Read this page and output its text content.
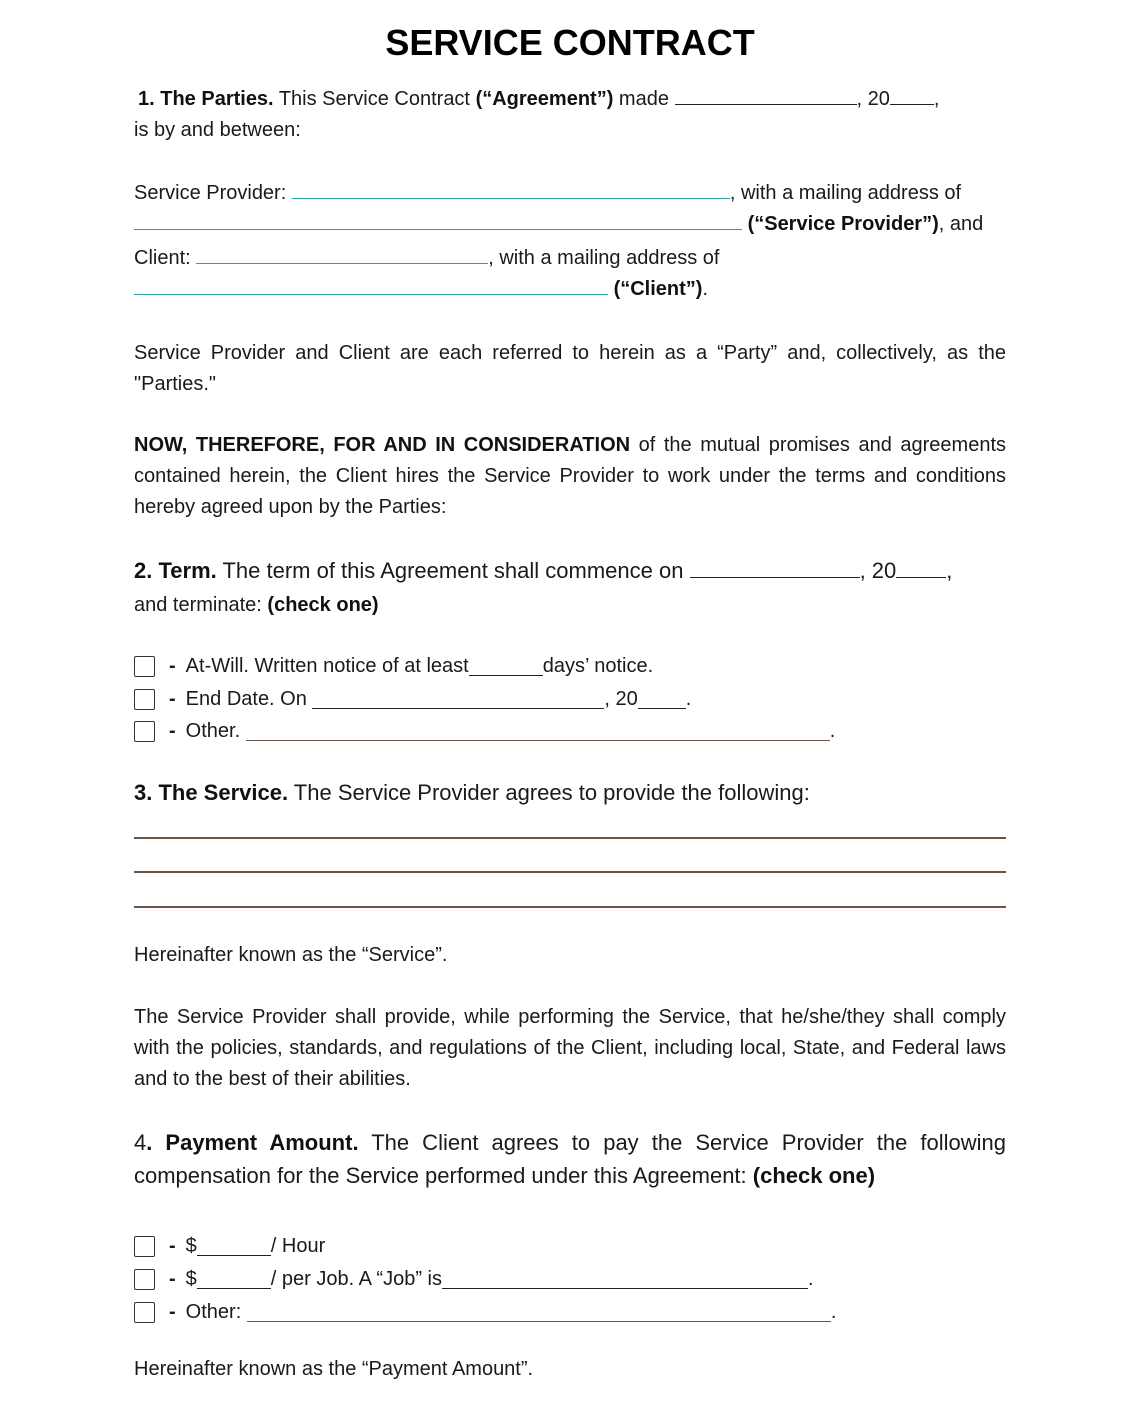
SERVICE CONTRACT
1. The Parties. This Service Contract (“Agreement”) made	, 20 ,
is by and between:
Service Provider:	, with a mailing address of
(“Service Provider”), and

Client:	, with a mailing address of
(“Client”).
Service Provider and Client are each referred to herein as a “Party” and, collectively, as the "Parties."
NOW, THEREFORE, FOR AND IN CONSIDERATION of the mutual promises and agreements contained herein, the Client hires the Service Provider to work under the terms and conditions hereby agreed upon by the Parties:
2. Term. The term of this Agreement shall commence on	, 20 ,
and terminate: (check one)
- At-Will. Written notice of at least	days’ notice.
- End Date. On
	, 20 .
- Other.
	.
3. The Service. The Service Provider agrees to provide the following:
Hereinafter known as the “Service”.
The Service Provider shall provide, while performing the Service, that he/she/they shall comply with the policies, standards, and regulations of the Client, including local, State, and Federal laws and to the best of their abilities.
4. Payment Amount. The Client agrees to pay the Service Provider the following compensation for the Service performed under this Agreement: (check one)
- $	/ Hour
- $	/ per Job. A “Job” is	.
- Other:
	.
Hereinafter known as the “Payment Amount”.
